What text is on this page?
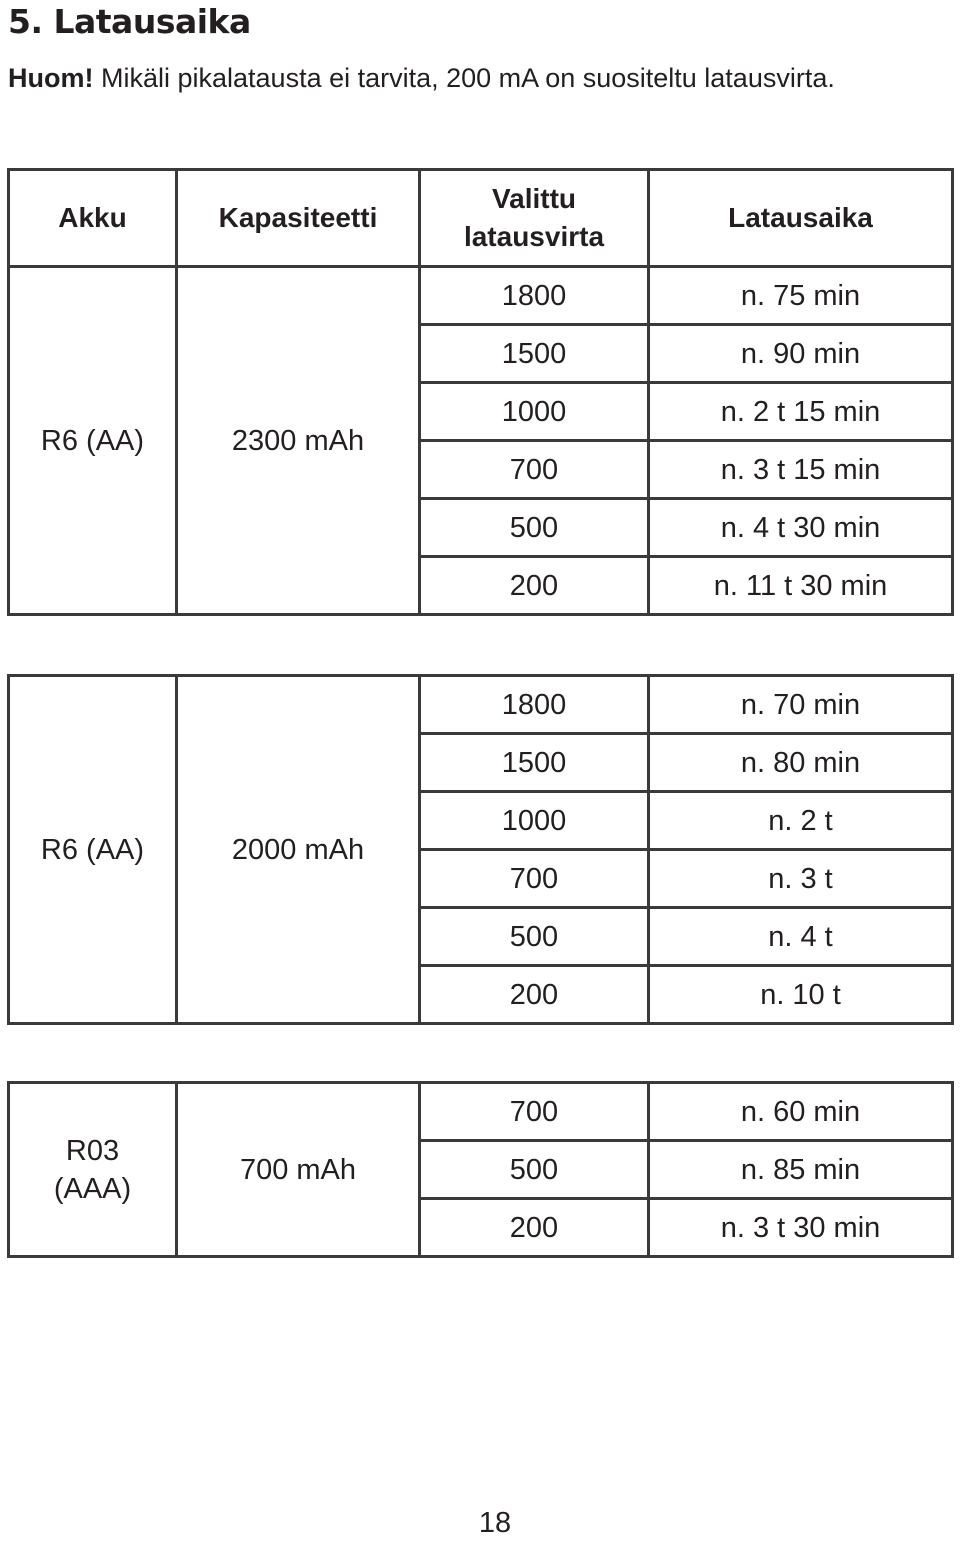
5. Latausaika

Huom! Mikäli pikalatausta ei tarvita, 200 mA on suositeltu latausvirta.

Akku	Kapasiteetti	Valittu latausvirta	Latausaika
R6 (AA)	2300 mAh	1800	n. 75 min
		1500	n. 90 min
		1000	n. 2 t 15 min
		700	n. 3 t 15 min
		500	n. 4 t 30 min
		200	n. 11 t 30 min
R6 (AA)	2000 mAh	1800	n. 70 min
		1500	n. 80 min
		1000	n. 2 t
		700	n. 3 t
		500	n. 4 t
		200	n. 10 t
R03 (AAA)	700 mAh	700	n. 60 min
		500	n. 85 min
		200	n. 3 t 30 min
18
